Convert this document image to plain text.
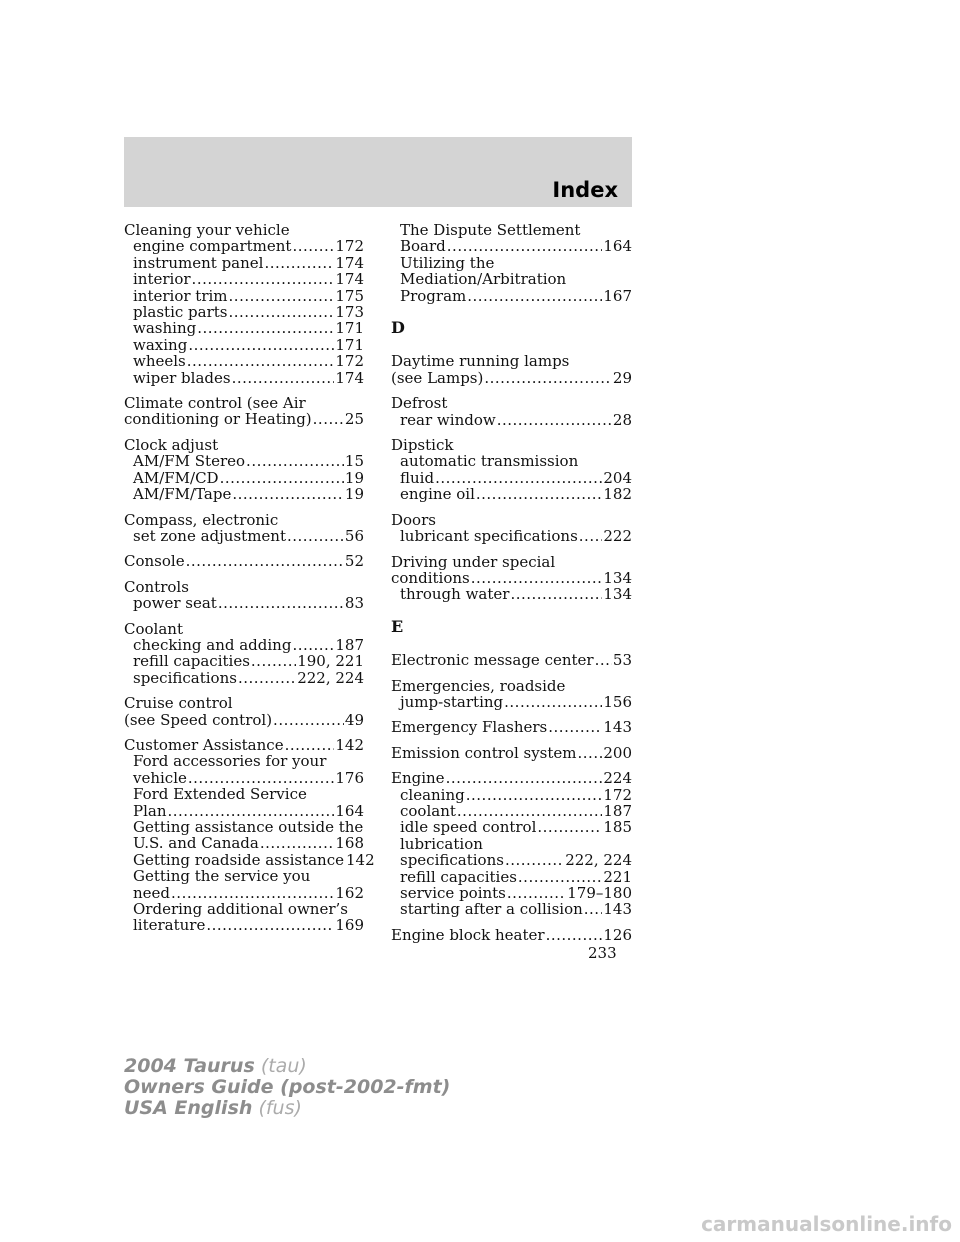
Index
Cleaning your vehicle
engine compartment .....	172
instrument panel .....	174
interior .....	174
interior trim .....	175
plastic parts .....	173
washing .....	171
waxing .....	171
wheels .....	172
wiper blades .....	174
Climate control (see Air
conditioning or Heating) ..... 25
Clock adjust
AM/FM Stereo .....	15
AM/FM/CD .....	19
AM/FM/Tape .....	19
Compass, electronic
set zone adjustment .....	56
Console .....	52
Controls
power seat .....	83
Coolant
checking and adding .....	187
refill capacities .....	190, 221
specifications .....	222, 224
Cruise control
(see Speed control) .....	49
Customer Assistance .....	142
Ford accessories for your
vehicle .....	176
Ford Extended Service
Plan .....	164
Getting assistance outside the
U.S. and Canada .....	168
Getting roadside assistance 142
Getting the service you
need .....	162
Ordering additional owner’s
literature .....	169
The Dispute Settlement
Board .....	164
Utilizing the
Mediation/Arbitration
Program .....	167
D
Daytime running lamps
(see Lamps) .....	29
Defrost
rear window .....	28
Dipstick
automatic transmission
fluid .....	204
engine oil .....	182
Doors
lubricant specifications ..... 222
Driving under special
conditions .....	134
through water .....	134
E
Electronic message center ..... 53
Emergencies, roadside
jump-starting .....	156
Emergency Flashers .....	143
Emission control system ..... 200
Engine .....	224
cleaning .....	172
coolant .....	187
idle speed control .....	185
lubrication
specifications .....	222, 224
refill capacities .....	221
service points .....	179–180
starting after a collision ..... 143
Engine block heater .....	126
233
2004 Taurus (tau)
Owners Guide (post-2002-fmt)
USA English (fus)
carmanualsonline.info
